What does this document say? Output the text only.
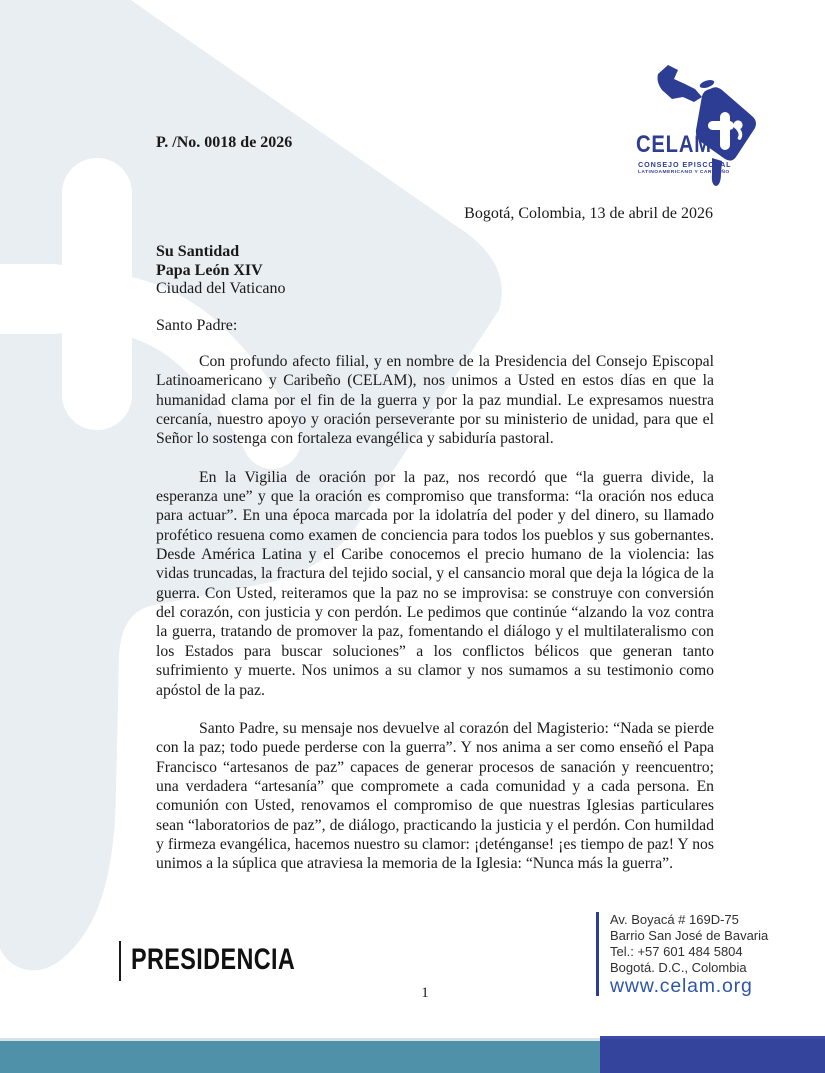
P. /No. 0018 de 2026	CELAM
CONSEJO EPISCOPAL
LATINOAMERICANO Y CARIBEÑO
Bogotá, Colombia, 13 de abril de 2026
Su Santidad
Papa León XIV
Ciudad del Vaticano
Santo Padre:

Con profundo afecto filial, y en nombre de la Presidencia del Consejo Episcopal Latinoamericano y Caribeño (CELAM), nos unimos a Usted en estos días en que la humanidad clama por el fin de la guerra y por la paz mundial. Le expresamos nuestra cercanía, nuestro apoyo y oración perseverante por su ministerio de unidad, para que el Señor lo sostenga con fortaleza evangélica y sabiduría pastoral.

En la Vigilia de oración por la paz, nos recordó que “la guerra divide, la esperanza une” y que la oración es compromiso que transforma: “la oración nos educa para actuar”. En una época marcada por la idolatría del poder y del dinero, su llamado profético resuena como examen de conciencia para todos los pueblos y sus gobernantes. Desde América Latina y el Caribe conocemos el precio humano de la violencia: las vidas truncadas, la fractura del tejido social, y el cansancio moral que deja la lógica de la guerra. Con Usted, reiteramos que la paz no se improvisa: se construye con conversión del corazón, con justicia y con perdón. Le pedimos que continúe “alzando la voz contra la guerra, tratando de promover la paz, fomentando el diálogo y el multilateralismo con los Estados para buscar soluciones” a los conflictos bélicos que generan tanto sufrimiento y muerte. Nos unimos a su clamor y nos sumamos a su testimonio como apóstol de la paz.

Santo Padre, su mensaje nos devuelve al corazón del Magisterio: “Nada se pierde con la paz; todo puede perderse con la guerra”. Y nos anima a ser como enseñó el Papa Francisco “artesanos de paz” capaces de generar procesos de sanación y reencuentro; una verdadera “artesanía” que compromete a cada comunidad y a cada persona. En comunión con Usted, renovamos el compromiso de que nuestras Iglesias particulares sean “laboratorios de paz”, de diálogo, practicando la justicia y el perdón. Con humildad y firmeza evangélica, hacemos nuestro su clamor: ¡deténganse! ¡es tiempo de paz! Y nos unimos a la súplica que atraviesa la memoria de la Iglesia: “Nunca más la guerra”.

PRESIDENCIA
1
Av. Boyacá # 169D-75
Barrio San José de Bavaria
Tel.: +57 601 484 5804
Bogotá. D.C., Colombia
www.celam.org
